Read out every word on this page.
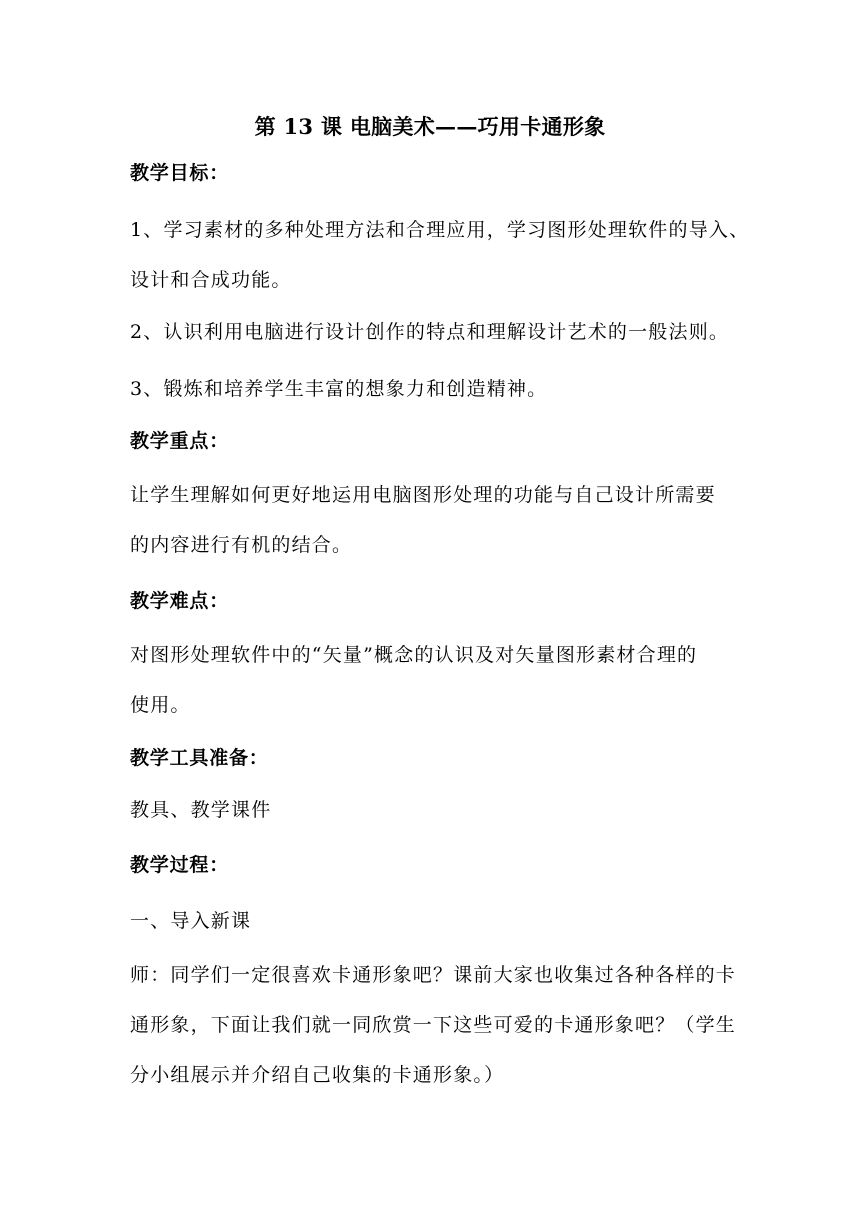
第 13 课 电脑美术——巧用卡通形象
教学目标：
1、学习素材的多种处理方法和合理应用，学习图形处理软件的导入、
设计和合成功能。
2、认识利用电脑进行设计创作的特点和理解设计艺术的一般法则。
3、锻炼和培养学生丰富的想象力和创造精神。
教学重点：
让学生理解如何更好地运用电脑图形处理的功能与自己设计所需要
的内容进行有机的结合。
教学难点：
对图形处理软件中的“矢量”概念的认识及对矢量图形素材合理的
使用。
教学工具准备：
教具、教学课件
教学过程：
一、导入新课
师：同学们一定很喜欢卡通形象吧？课前大家也收集过各种各样的卡
通形象，下面让我们就一同欣赏一下这些可爱的卡通形象吧？（学生
分小组展示并介绍自己收集的卡通形象。）
